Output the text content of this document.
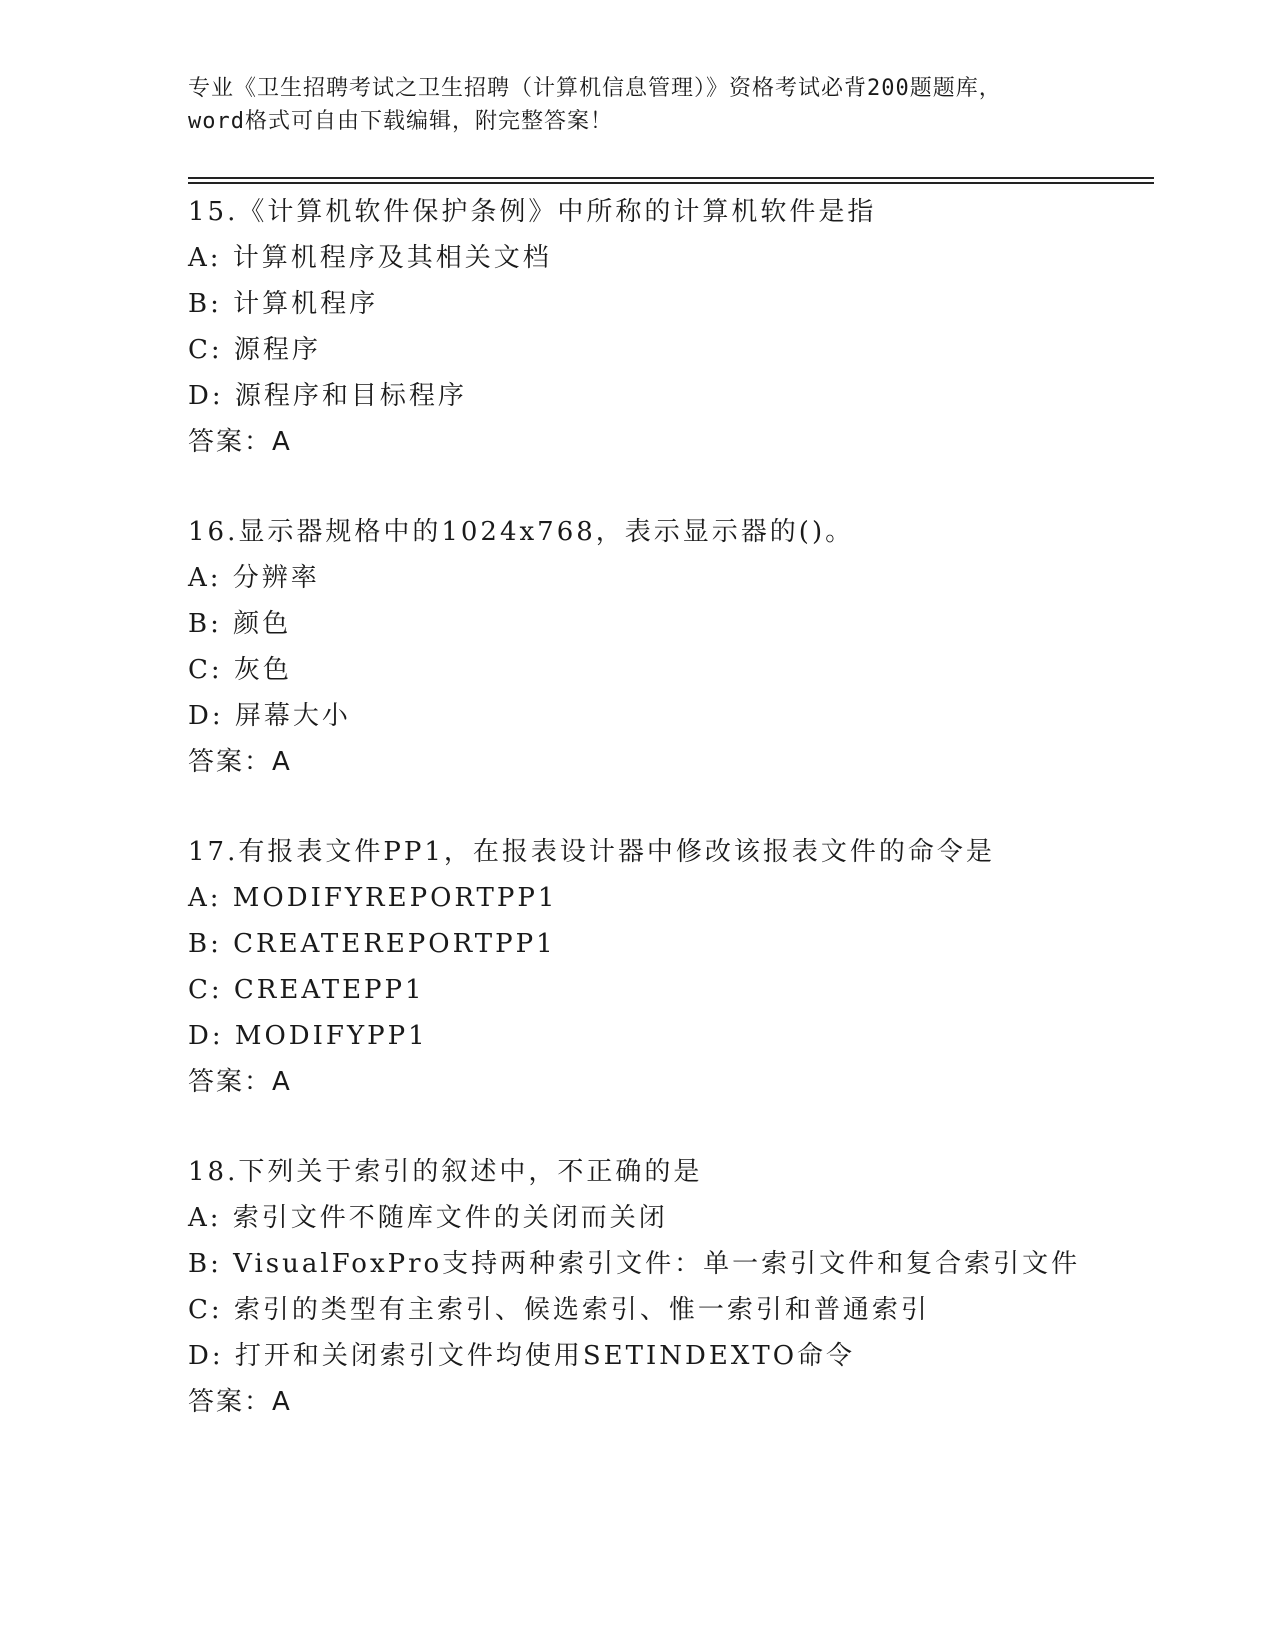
专业《卫生招聘考试之卫生招聘（计算机信息管理）》资格考试必背200题题库，
word格式可自由下载编辑，附完整答案！
15.《计算机软件保护条例》中所称的计算机软件是指
A: 计算机程序及其相关文档
B: 计算机程序
C: 源程序
D: 源程序和目标程序
答案：A
16.显示器规格中的1024x768，表示显示器的()。
A: 分辨率
B: 颜色
C: 灰色
D: 屏幕大小
答案：A
17.有报表文件PP1，在报表设计器中修改该报表文件的命令是
A: MODIFYREPORTPP1
B: CREATEREPORTPP1
C: CREATEPP1
D: MODIFYPP1
答案：A
18.下列关于索引的叙述中，不正确的是
A: 索引文件不随库文件的关闭而关闭
B: VisualFoxPro支持两种索引文件：单一索引文件和复合索引文件
C: 索引的类型有主索引、候选索引、惟一索引和普通索引
D: 打开和关闭索引文件均使用SETINDEXTO命令
答案：A
